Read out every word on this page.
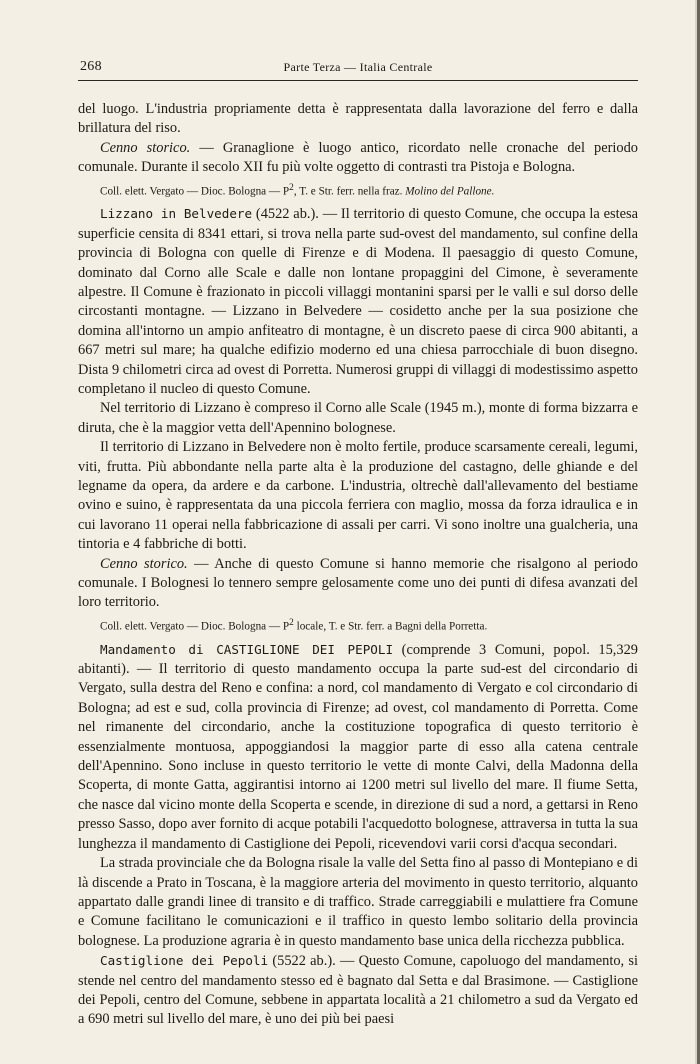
268	Parte Terza — Italia Centrale

del luogo. L'industria propriamente detta è rappresentata dalla lavorazione del ferro e dalla brillatura del riso.

Cenno storico. — Granaglione è luogo antico, ricordato nelle cronache del periodo comunale. Durante il secolo XII fu più volte oggetto di contrasti tra Pistoja e Bologna.

Coll. elett. Vergato — Dioc. Bologna — $P^2$, T. e Str. ferr. nella fraz. Molino del Pallone.

Lizzano in Belvedere (4522 ab.). — Il territorio di questo Comune, che occupa la estesa superficie censita di 8341 ettari, si trova nella parte sud-ovest del mandamento, sul confine della provincia di Bologna con quelle di Firenze e di Modena. Il paesaggio di questo Comune, dominato dal Corno alle Scale e dalle non lontane propaggini del Cimone, è severamente alpestre. Il Comune è frazionato in piccoli villaggi montanini sparsi per le valli e sul dorso delle circostanti montagne. — Lizzano in Belvedere — cosidetto anche per la sua posizione che domina all'intorno un ampio anfiteatro di montagne, è un discreto paese di circa 900 abitanti, a 667 metri sul mare; ha qualche edifizio moderno ed una chiesa parrocchiale di buon disegno. Dista 9 chilometri circa ad ovest di Porretta. Numerosi gruppi di villaggi di modestissimo aspetto completano il nucleo di questo Comune.

Nel territorio di Lizzano è compreso il Corno alle Scale (1945 m.), monte di forma bizzarra e diruta, che è la maggior vetta dell'Apennino bolognese.

Il territorio di Lizzano in Belvedere non è molto fertile, produce scarsamente cereali, legumi, viti, frutta. Più abbondante nella parte alta è la produzione del castagno, delle ghiande e del legname da opera, da ardere e da carbone. L'industria, oltrechè dall'allevamento del bestiame ovino e suino, è rappresentata da una piccola ferriera con maglio, mossa da forza idraulica e in cui lavorano 11 operai nella fabbricazione di assali per carri. Vi sono inoltre una gualcheria, una tintoria e 4 fabbriche di botti.

Cenno storico. — Anche di questo Comune si hanno memorie che risalgono al periodo comunale. I Bolognesi lo tennero sempre gelosamente come uno dei punti di difesa avanzati del loro territorio.

Coll. elett. Vergato — Dioc. Bologna — $P^2$ locale, T. e Str. ferr. a Bagni della Porretta.

Mandamento di CASTIGLIONE DEI PEPOLI (comprende 3 Comuni, popol. 15,329 abitanti). — Il territorio di questo mandamento occupa la parte sud-est del circondario di Vergato, sulla destra del Reno e confina: a nord, col mandamento di Vergato e col circondario di Bologna; ad est e sud, colla provincia di Firenze; ad ovest, col mandamento di Porretta. Come nel rimanente del circondario, anche la costituzione topografica di questo territorio è essenzialmente montuosa, appoggiandosi la maggior parte di esso alla catena centrale dell'Apennino. Sono incluse in questo territorio le vette di monte Calvi, della Madonna della Scoperta, di monte Gatta, aggirantisi intorno ai 1200 metri sul livello del mare. Il fiume Setta, che nasce dal vicino monte della Scoperta e scende, in direzione di sud a nord, a gettarsi in Reno presso Sasso, dopo aver fornito di acque potabili l'acquedotto bolognese, attraversa in tutta la sua lunghezza il mandamento di Castiglione dei Pepoli, ricevendovi varii corsi d'acqua secondari.

La strada provinciale che da Bologna risale la valle del Setta fino al passo di Montepiano e di là discende a Prato in Toscana, è la maggiore arteria del movimento in questo territorio, alquanto appartato dalle grandi linee di transito e di traffico. Strade carreggiabili e mulattiere fra Comune e Comune facilitano le comunicazioni e il traffico in questo lembo solitario della provincia bolognese. La produzione agraria è in questo mandamento base unica della ricchezza pubblica.

Castiglione dei Pepoli (5522 ab.). — Questo Comune, capoluogo del mandamento, si stende nel centro del mandamento stesso ed è bagnato dal Setta e dal Brasimone. — Castiglione dei Pepoli, centro del Comune, sebbene in appartata località a 21 chilometro a sud da Vergato ed a 690 metri sul livello del mare, è uno dei più bei paesi
